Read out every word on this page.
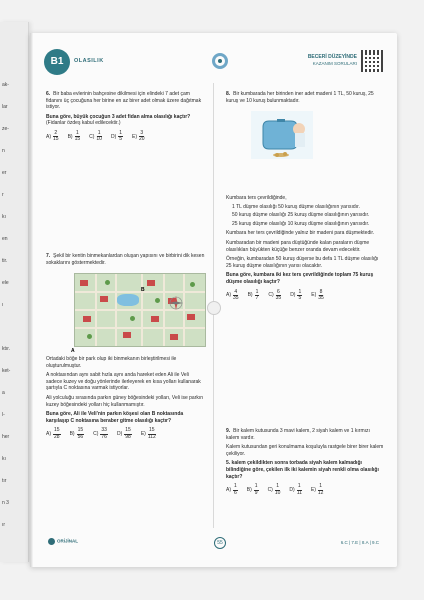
ak-
lar
ze-
n
er
r
kı
en
tir.
ele
ı
ktır.
ket-
a
l-
her
kı
tır
n 3
ır
B1	OLASILIK
BECERİ DÜZEYİNDE
KAZANIM SORULARI
6. Bir baba evlerinin bahçesine dikilmesi için elindeki 7 adet çam fidanını üç çocuğuna her birine en az birer adet olmak üzere dağıtmak istiyor.
Buna göre, büyük çocuğun 3 adet fidan alma olasılığı kaçtır? (Fidanlar özdeş kabul edilecektir.)
$A) \frac{2}{15} B) \frac{1}{15} C) \frac{1}{10} D) \frac{1}{5} E) \frac{3}{20}$
7. Şekil bir kentin binmekanlardan oluşan yapısını ve birbirini dik kesen sokaklarını göstermektedir.
A
B
Ortadaki böğe bir park olup iki binmekanın birleştirilmesi ile oluşturulmuştur.
A noktasından aynı sabit hızla aynı anda hareket eden Ali ile Veli sadece kuzey ve doğu yönlerinde ilerleyerek en kısa yolları kullanarak şartıyla C noktasına varmak istiyorlar.
Ali yolculuğu sırasında parkın güney böğesindeki yolları, Veli ise parkın kuzey böğesindeki yolları hiç kullanmamıştır.
Buna göre, Ali ile Veli'nin parkın köşesi olan B noktasında karşılaşıp C noktasına beraber gitme olasılığı kaçtır?
$A) \frac{15}{28} B) \frac{15}{56} C) \frac{33}{76} D) \frac{15}{98} E) \frac{15}{112}$
8. Bir kumbarada her birinden iner adet madeni 1 TL, 50 kuruş, 25 kuruş ve 10 kuruş bulunmaktadır.
Kumbara ters çevrildiğinde,
1 TL düşme olasılığı 50 kuruş düşme olasılığının yarısıdır.
50 kuruş düşme olasılığı 25 kuruş düşme olasılığının yarısıdır.
25 kuruş düşme olasılığı 10 kuruş düşme olasılığının yarısıdır.
Kumbara her ters çevrildiğinde yalnız bir madeni para düşmektedir.
Kumbaradan bir madeni para düştüğünde kalan paraların düşme olasılıkları büyükten küçüğe benzer oranda devam edecektir.
Örneğin, kumbaradan 50 kuruş düşerse bu defa 1 TL düşme olasılığı 25 kuruş düşme olasılığının yarısı olacaktır.
Buna göre, kumbara iki kez ters çevrildiğinde toplam 75 kuruş düşme olasılığı kaçtır?
$A) \frac{4}{35} B) \frac{1}{7} C) \frac{6}{35} D) \frac{1}{5} E) \frac{8}{35}$
9. Bir kalem kutusunda 3 mavi kalem, 2 siyah kalem ve 1 kırmızı kalem vardır.
Kalem kutusundan geri konulmama koşuluyla rastgele birer birer kalem çekiliyor.
5. kalem çekildikten sonra torbada siyah kalem kalmadığı bilindiğine göre, çekilen ilk iki kalemin siyah renkli olma olasılığı kaçtır?
$A) \frac{1}{6} B) \frac{1}{9} C) \frac{1}{10} D) \frac{1}{11} E) \frac{1}{12}$
ORİJİNAL	55	6.C | 7.E | 8.A | 9.C
